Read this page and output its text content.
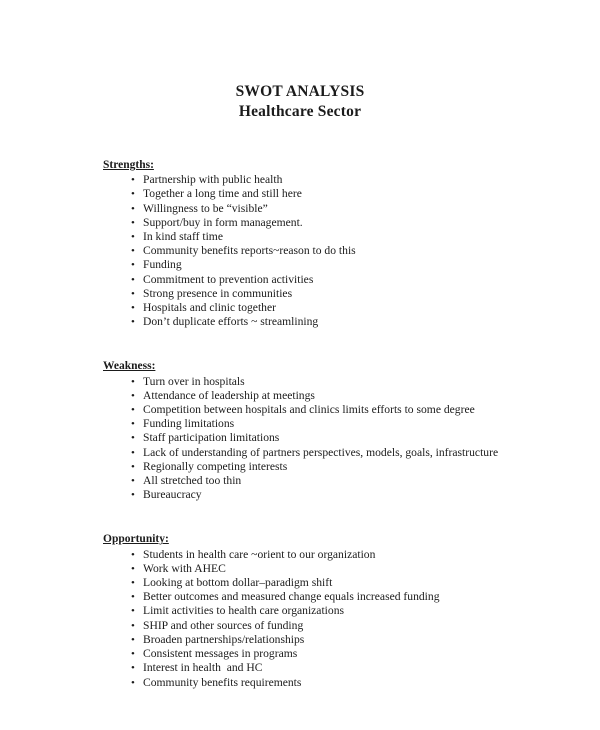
SWOT ANALYSIS
Healthcare Sector
Strengths:
• Partnership with public health
• Together a long time and still here
• Willingness to be “visible”
• Support/buy in form management.
• In kind staff time
• Community benefits reports~reason to do this
• Funding
• Commitment to prevention activities
• Strong presence in communities
• Hospitals and clinic together
• Don’t duplicate efforts ~ streamlining
Weakness:
• Turn over in hospitals
• Attendance of leadership at meetings
• Competition between hospitals and clinics limits efforts to some degree
• Funding limitations
• Staff participation limitations
• Lack of understanding of partners perspectives, models, goals, infrastructure
• Regionally competing interests
• All stretched too thin
• Bureaucracy
Opportunity:
• Students in health care ~orient to our organization
• Work with AHEC
• Looking at bottom dollar–paradigm shift
• Better outcomes and measured change equals increased funding
• Limit activities to health care organizations
• SHIP and other sources of funding
• Broaden partnerships/relationships
• Consistent messages in programs
• Interest in health  and HC
• Community benefits requirements
